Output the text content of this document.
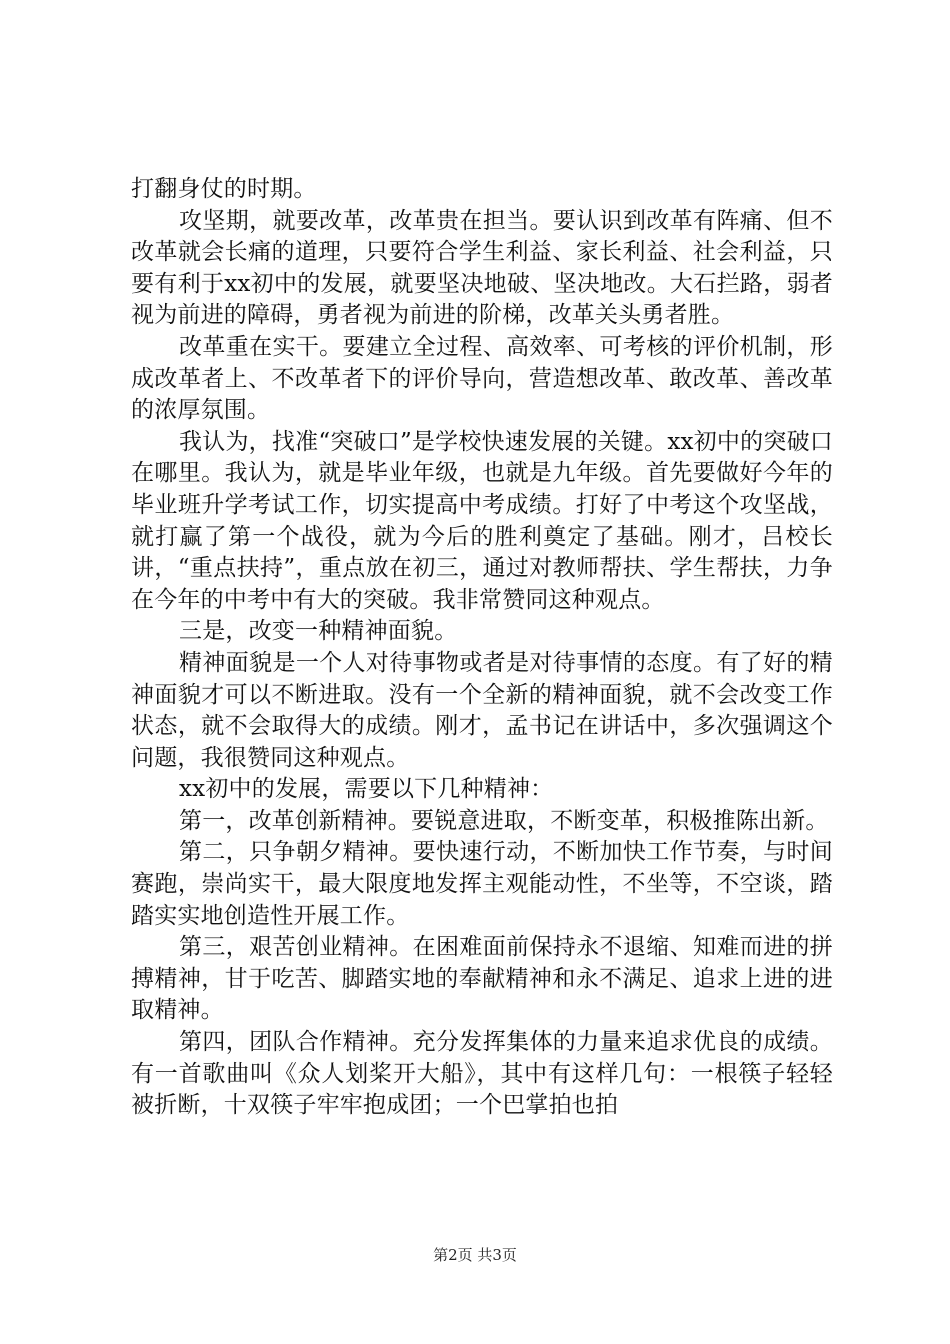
打翻身仗的时期。

攻坚期，就要改革，改革贵在担当。要认识到改革有阵痛、但不改革就会长痛的道理，只要符合学生利益、家长利益、社会利益，只要有利于xx初中的发展，就要坚决地破、坚决地改。大石拦路，弱者视为前进的障碍，勇者视为前进的阶梯，改革关头勇者胜。

改革重在实干。要建立全过程、高效率、可考核的评价机制，形成改革者上、不改革者下的评价导向，营造想改革、敢改革、善改革的浓厚氛围。

我认为，找准“突破口”是学校快速发展的关键。xx初中的突破口在哪里。我认为，就是毕业年级，也就是九年级。首先要做好今年的毕业班升学考试工作，切实提高中考成绩。打好了中考这个攻坚战，就打赢了第一个战役，就为今后的胜利奠定了基础。刚才，吕校长讲，“重点扶持”，重点放在初三，通过对教师帮扶、学生帮扶，力争在今年的中考中有大的突破。我非常赞同这种观点。

三是，改变一种精神面貌。

精神面貌是一个人对待事物或者是对待事情的态度。有了好的精神面貌才可以不断进取。没有一个全新的精神面貌，就不会改变工作状态，就不会取得大的成绩。刚才，孟书记在讲话中，多次强调这个问题，我很赞同这种观点。

xx初中的发展，需要以下几种精神：

第一，改革创新精神。要锐意进取，不断变革，积极推陈出新。

第二，只争朝夕精神。要快速行动，不断加快工作节奏，与时间赛跑，崇尚实干，最大限度地发挥主观能动性，不坐等，不空谈，踏踏实实地创造性开展工作。

第三，艰苦创业精神。在困难面前保持永不退缩、知难而进的拼搏精神，甘于吃苦、脚踏实地的奉献精神和永不满足、追求上进的进取精神。

第四，团队合作精神。充分发挥集体的力量来追求优良的成绩。有一首歌曲叫《众人划桨开大船》，其中有这样几句：一根筷子轻轻被折断，十双筷子牢牢抱成团；一个巴掌拍也拍

第2页 共3页
